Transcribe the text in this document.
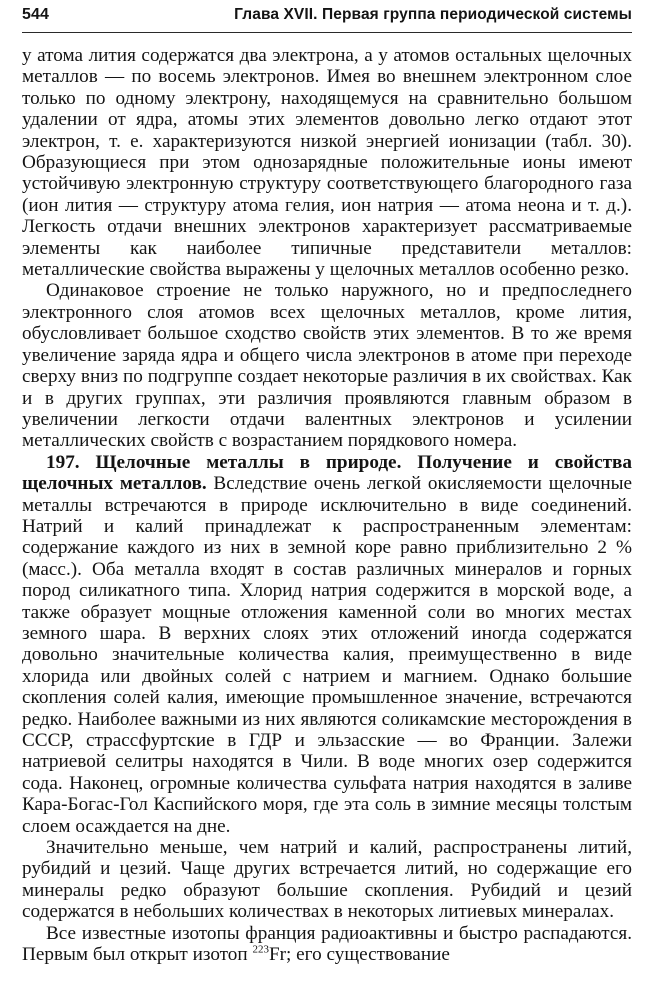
544	Глава XVII. Первая группа периодической системы

у атома лития содержатся два электрона, а у атомов остальных щелочных металлов — по восемь электронов. Имея во внешнем электронном слое только по одному электрону, находящемуся на сравнительно большом удалении от ядра, атомы этих элементов довольно легко отдают этот электрон, т. е. характеризуются низкой энергией ионизации (табл. 30). Образующиеся при этом однозарядные положительные ионы имеют устойчивую электронную структуру соответствующего благородного газа (ион лития — структуру атома гелия, ион натрия — атома неона и т. д.). Легкость отдачи внешних электронов характеризует рассматриваемые элементы как наиболее типичные представители металлов: металлические свойства выражены у щелочных металлов особенно резко.

Одинаковое строение не только наружного, но и предпоследнего электронного слоя атомов всех щелочных металлов, кроме лития, обусловливает большое сходство свойств этих элементов. В то же время увеличение заряда ядра и общего числа электронов в атоме при переходе сверху вниз по подгруппе создает некоторые различия в их свойствах. Как и в других группах, эти различия проявляются главным образом в увеличении легкости отдачи валентных электронов и усилении металлических свойств с возрастанием порядкового номера.

197. Щелочные металлы в природе. Получение и свойства щелочных металлов. Вследствие очень легкой окисляемости щелочные металлы встречаются в природе исключительно в виде соединений. Натрий и калий принадлежат к распространенным элементам: содержание каждого из них в земной коре равно приблизительно 2 % (масс.). Оба металла входят в состав различных минералов и горных пород силикатного типа. Хлорид натрия содержится в морской воде, а также образует мощные отложения каменной соли во многих местах земного шара. В верхних слоях этих отложений иногда содержатся довольно значительные количества калия, преимущественно в виде хлорида или двойных солей с натрием и магнием. Однако большие скопления солей калия, имеющие промышленное значение, встречаются редко. Наиболее важными из них являются соликамские месторождения в СССР, страссфуртские в ГДР и эльзасские — во Франции. Залежи натриевой селитры находятся в Чили. В воде многих озер содержится сода. Наконец, огромные количества сульфата натрия находятся в заливе Кара-Богас-Гол Каспийского моря, где эта соль в зимние месяцы толстым слоем осаждается на дне.

Значительно меньше, чем натрий и калий, распространены литий, рубидий и цезий. Чаще других встречается литий, но содержащие его минералы редко образуют большие скопления. Рубидий и цезий содержатся в небольших количествах в некоторых литиевых минералах.

Все известные изотопы франция радиоактивны и быстро распадаются. Первым был открыт изотоп $^{223}$Fr; его существование
